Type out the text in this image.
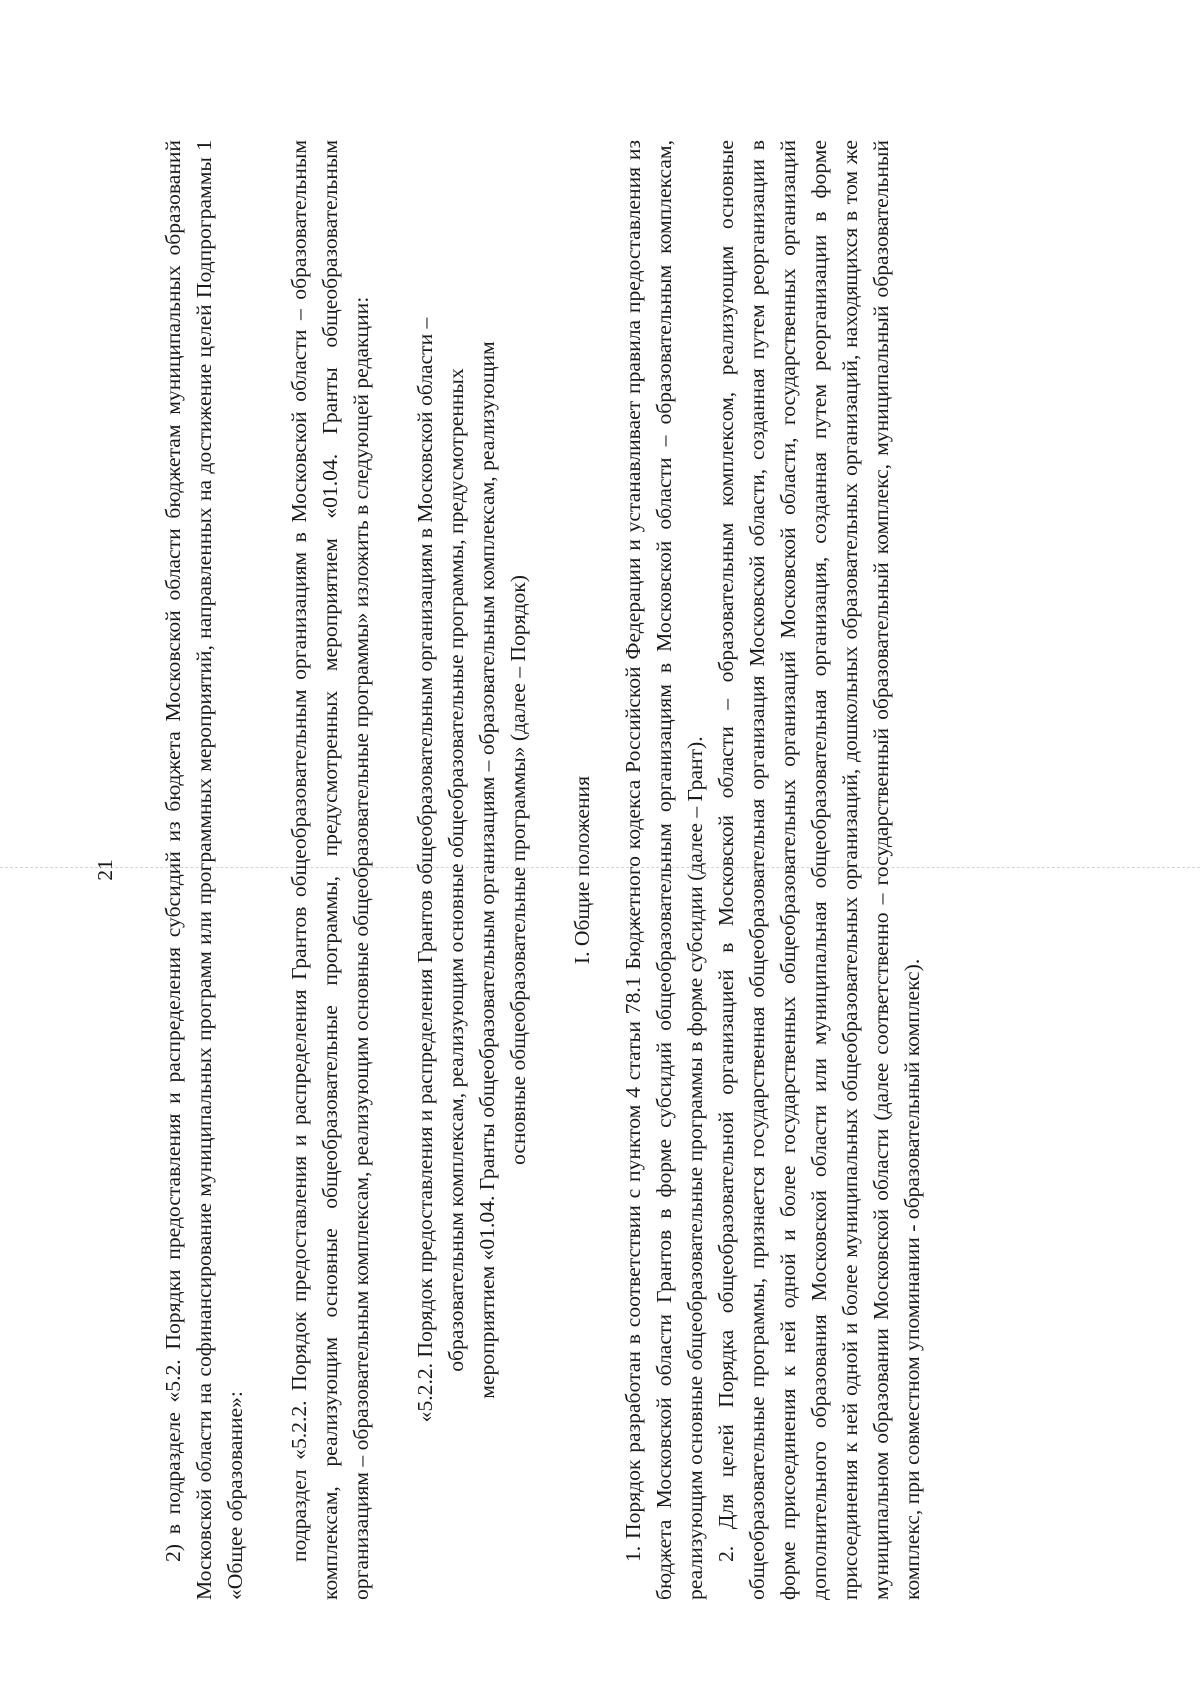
21 2) в подразделе «5.2. Порядки предоставления и распределения субсидий из бюджета Московской области бюджетам муниципальных образований Московской области на софинансирование муниципальных программ или программных мероприятий, направленных на достижение целей Подпрограммы 1 «Общее образование»: подраздел «5.2.2. Порядок предоставления и распределения Грантов общеобразовательным организациям в Московской области – образовательным комплексам, реализующим основные общеобразовательные программы, предусмотренных мероприятием «01.04. Гранты общеобразовательным организациям – образовательным комплексам, реализующим основные общеобразовательные программы» изложить в следующей редакции: «5.2.2. Порядок предоставления и распределения Грантов общеобразовательным организациям в Московской области – образовательным комплексам, реализующим основные общеобразовательные программы, предусмотренных мероприятием «01.04. Гранты общеобразовательным организациям – образовательным комплексам, реализующим основные общеобразовательные программы» (далее – Порядок) I. Общие положения 1. Порядок разработан в соответствии с пунктом 4 статьи 78.1 Бюджетного кодекса Российской Федерации и устанавливает правила предоставления из бюджета Московской области Грантов в форме субсидий общеобразовательным организациям в Московской области – образовательным комплексам, реализующим основные общеобразовательные программы в форме субсидии (далее – Грант). 2. Для целей Порядка общеобразовательной организацией в Московской области – образовательным комплексом, реализующим основные общеобразовательные программы, признается государственная общеобразовательная организация Московской области, созданная путем реорганизации в форме присоединения к ней одной и более государственных общеобразовательных организаций Московской области, государственных организаций дополнительного образования Московской области или муниципальная общеобразовательная организация, созданная путем реорганизации в форме присоединения к ней одной и более муниципальных общеобразовательных организаций, дошкольных образовательных организаций, находящихся в том же муниципальном образовании Московской области (далее соответственно – государственный образовательный комплекс, муниципальный образовательный комплекс, при совместном упоминании - образовательный комплекс).
